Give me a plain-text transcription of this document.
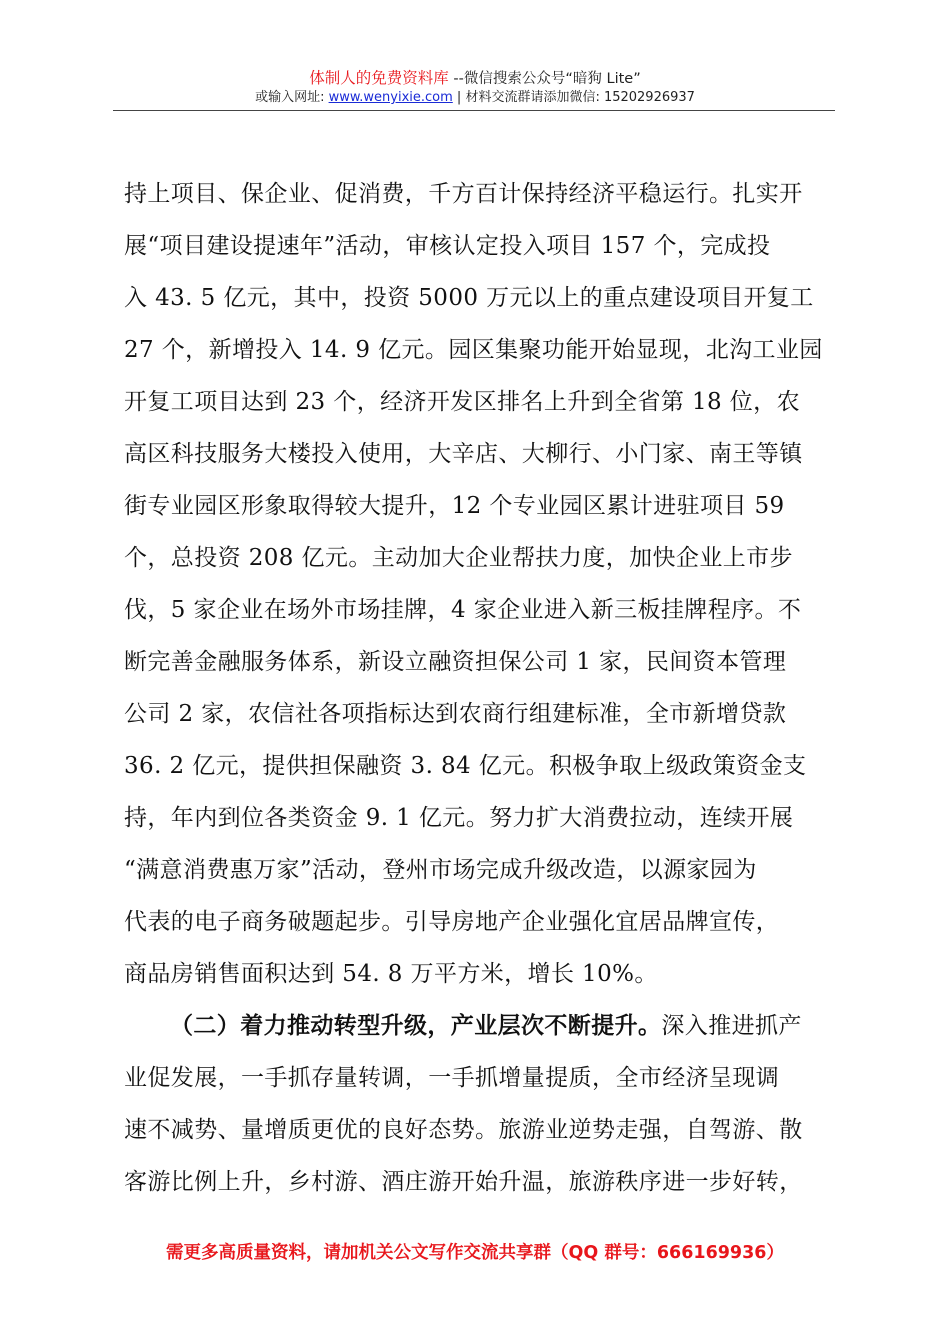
体制人的免费资料库 --微信搜索公众号“暗狗 Lite”
或输入网址: www.wenyixie.com | 材料交流群请添加微信: 15202926937
持上项目、保企业、促消费，千方百计保持经济平稳运行。扎实开
展“项目建设提速年”活动，审核认定投入项目 157 个，完成投
入 43. 5 亿元，其中，投资 5000 万元以上的重点建设项目开复工
27 个，新增投入 14. 9 亿元。园区集聚功能开始显现，北沟工业园
开复工项目达到 23 个，经济开发区排名上升到全省第 18 位，农
高区科技服务大楼投入使用，大辛店、大柳行、小门家、南王等镇
街专业园区形象取得较大提升，12 个专业园区累计进驻项目 59
个，总投资 208 亿元。主动加大企业帮扶力度，加快企业上市步
伐，5 家企业在场外市场挂牌，4 家企业进入新三板挂牌程序。不
断完善金融服务体系，新设立融资担保公司 1 家，民间资本管理
公司 2 家，农信社各项指标达到农商行组建标准，全市新增贷款
36. 2 亿元，提供担保融资 3. 84 亿元。积极争取上级政策资金支
持，年内到位各类资金 9. 1 亿元。努力扩大消费拉动，连续开展
“满意消费惠万家”活动，登州市场完成升级改造，以源家园为
代表的电子商务破题起步。引导房地产企业强化宜居品牌宣传，
商品房销售面积达到 54. 8 万平方米，增长 10%。
（二）着力推动转型升级，产业层次不断提升。深入推进抓产
业促发展，一手抓存量转调，一手抓增量提质，全市经济呈现调
速不减势、量增质更优的良好态势。旅游业逆势走强，自驾游、散
客游比例上升，乡村游、酒庄游开始升温，旅游秩序进一步好转，
需更多高质量资料，请加机关公文写作交流共享群（QQ 群号：666169936）
